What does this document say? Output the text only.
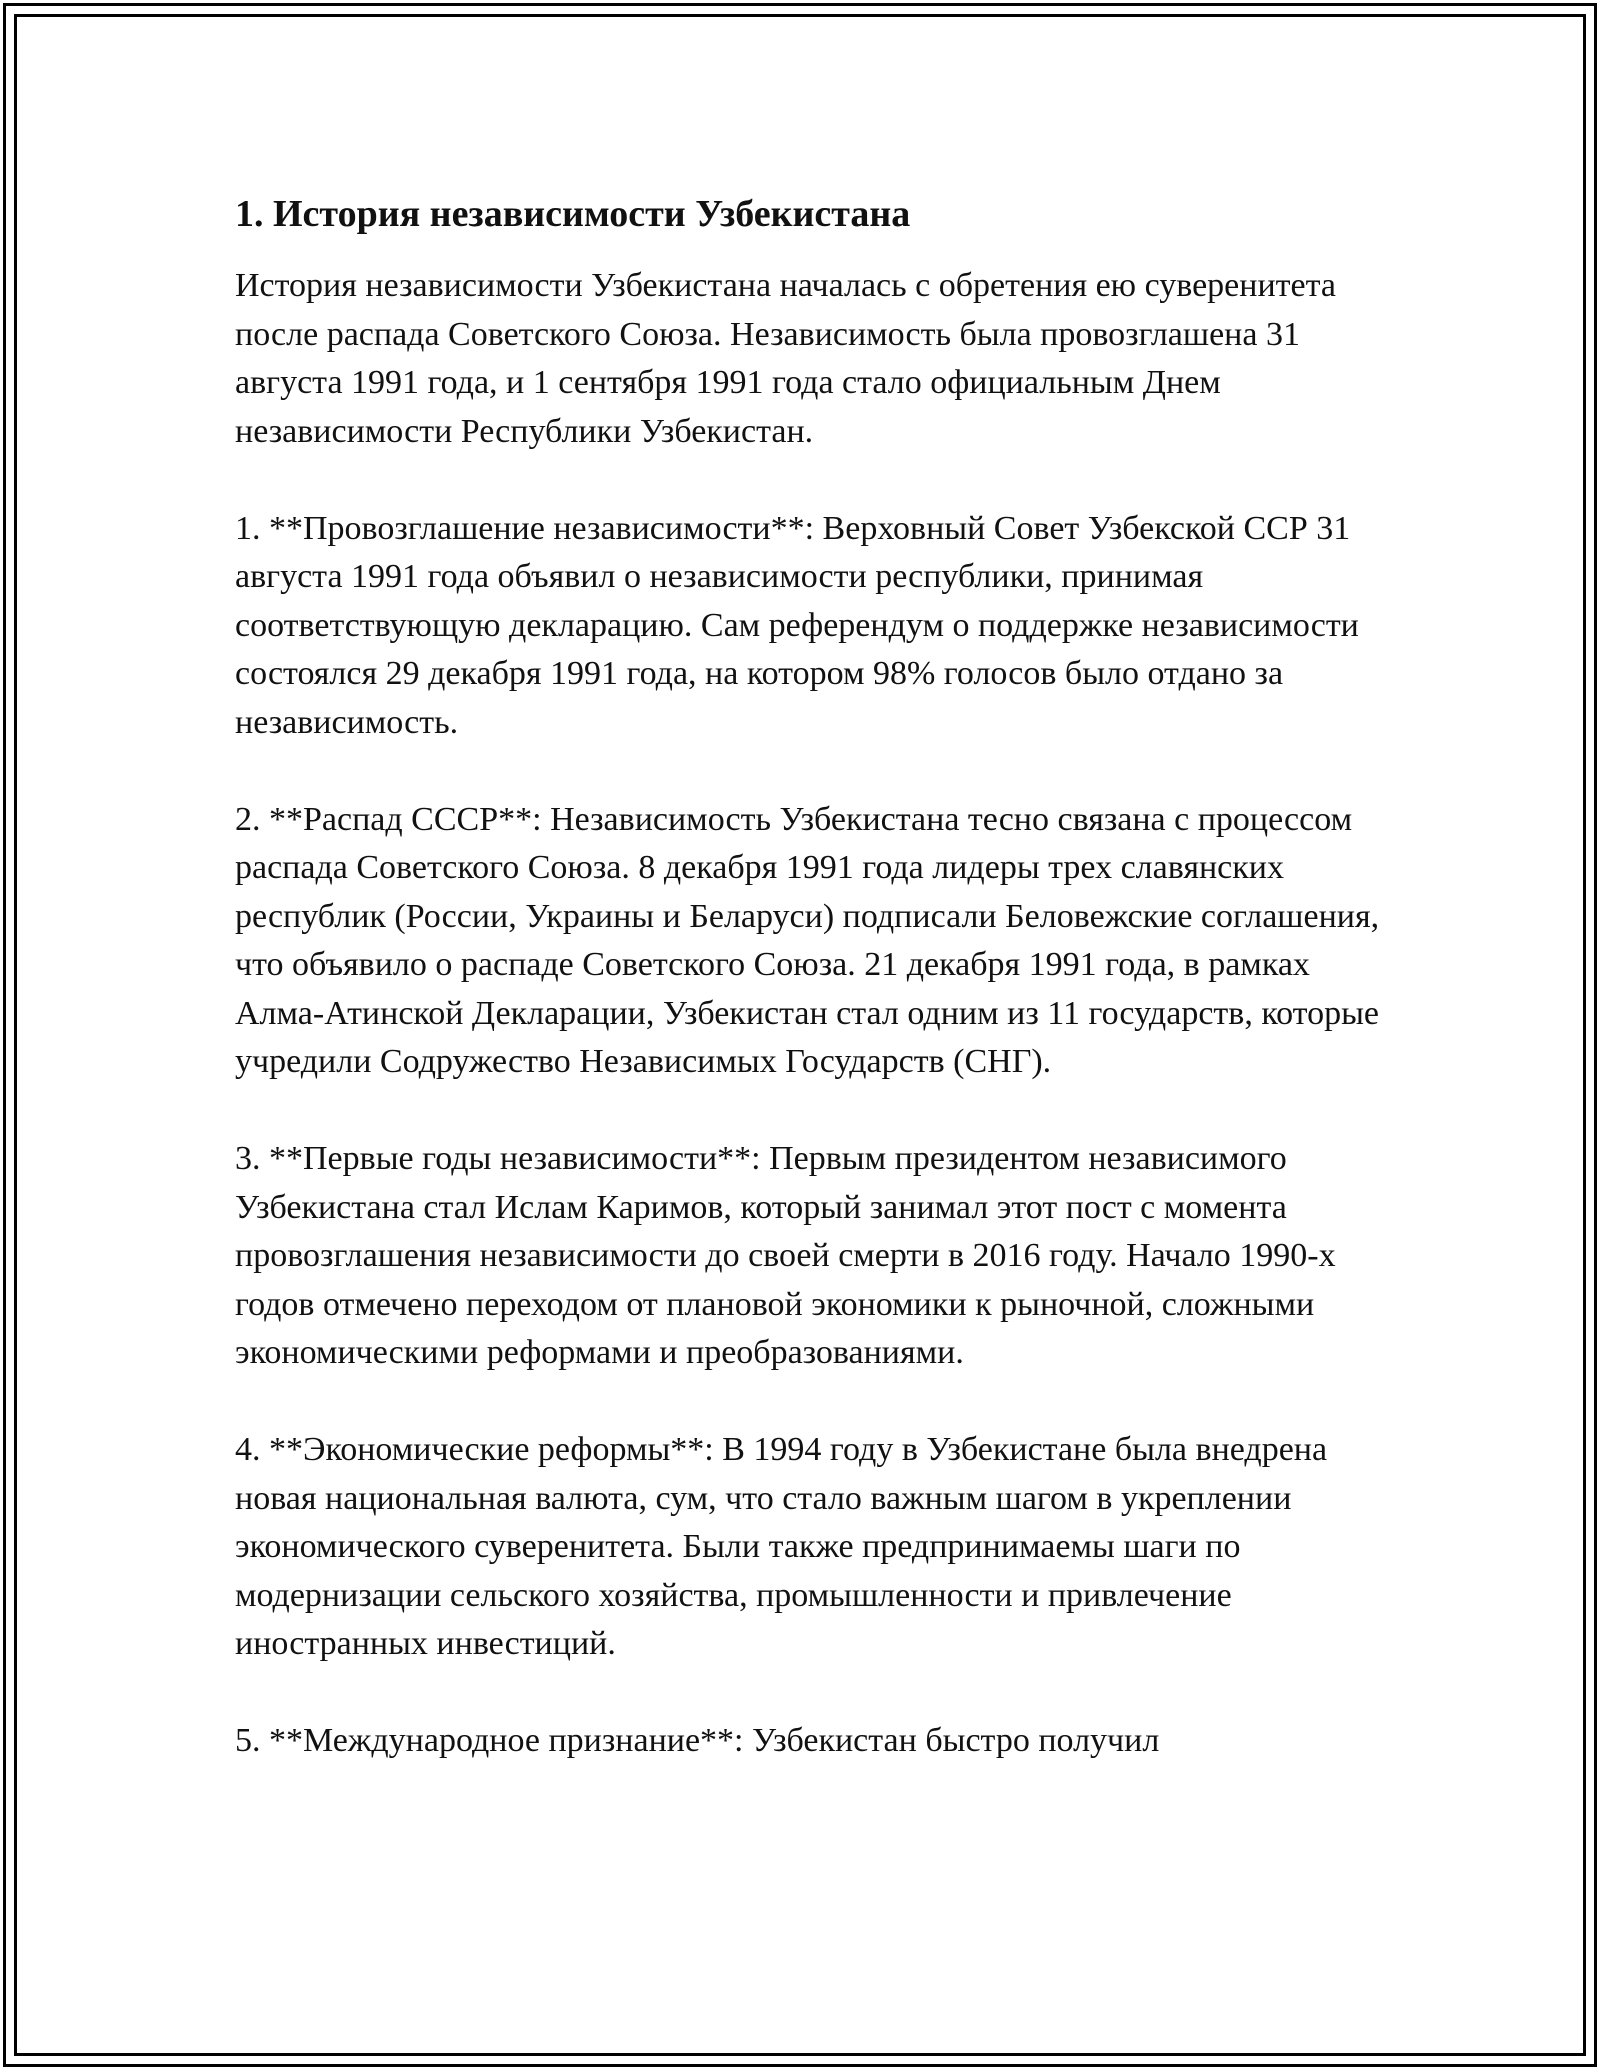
1. История независимости Узбекистана

История независимости Узбекистана началась с обретения ею суверенитета после распада Советского Союза. Независимость была провозглашена 31 августа 1991 года, и 1 сентября 1991 года стало официальным Днем независимости Республики Узбекистан.

1. **Провозглашение независимости**: Верховный Совет Узбекской ССР 31 августа 1991 года объявил о независимости республики, принимая соответствующую декларацию. Сам референдум о поддержке независимости состоялся 29 декабря 1991 года, на котором 98% голосов было отдано за независимость.

2. **Распад СССР**: Независимость Узбекистана тесно связана с процессом распада Советского Союза. 8 декабря 1991 года лидеры трех славянских республик (России, Украины и Беларуси) подписали Беловежские соглашения, что объявило о распаде Советского Союза. 21 декабря 1991 года, в рамках Алма-Атинской Декларации, Узбекистан стал одним из 11 государств, которые учредили Содружество Независимых Государств (СНГ).

3. **Первые годы независимости**: Первым президентом независимого Узбекистана стал Ислам Каримов, который занимал этот пост с момента провозглашения независимости до своей смерти в 2016 году. Начало 1990-х годов отмечено переходом от плановой экономики к рыночной, сложными экономическими реформами и преобразованиями.

4. **Экономические реформы**: В 1994 году в Узбекистане была внедрена новая национальная валюта, сум, что стало важным шагом в укреплении экономического суверенитета. Были также предпринимаемы шаги по модернизации сельского хозяйства, промышленности и привлечение иностранных инвестиций.

5. **Международное признание**: Узбекистан быстро получил
